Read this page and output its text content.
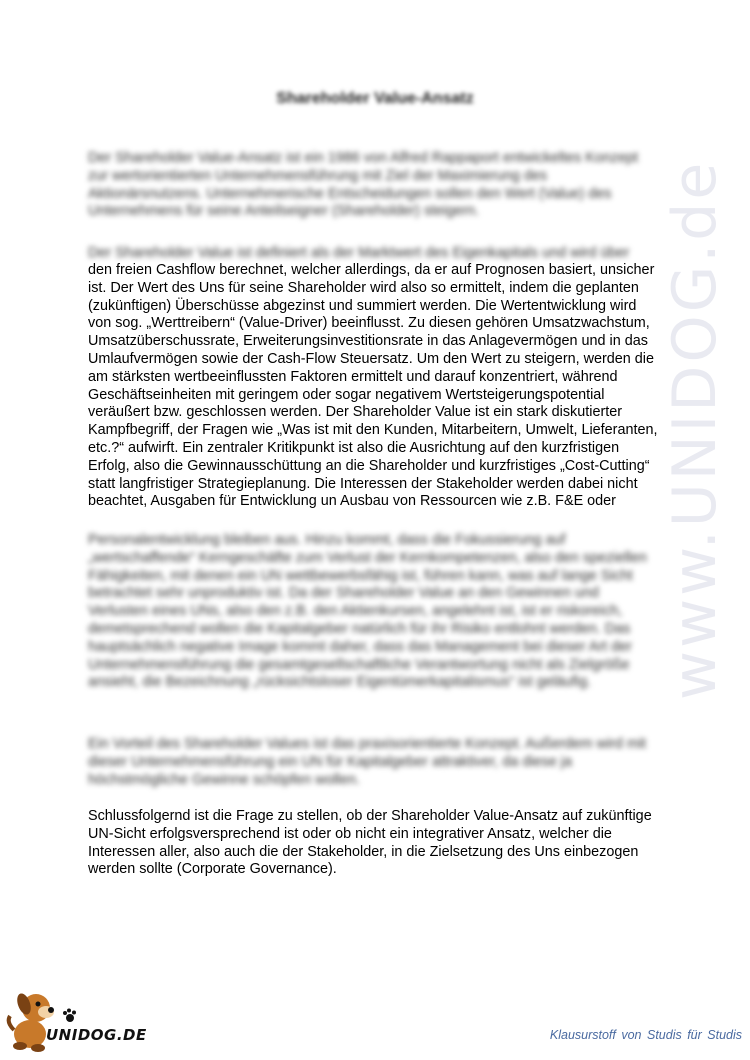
www.UNIDOG.de
Shareholder Value-Ansatz

Der Shareholder Value-Ansatz ist ein 1986 von Alfred Rappaport entwickeltes Konzept zur wertorientierten Unternehmensführung mit Ziel der Maximierung des Aktionärsnutzens. Unternehmerische Entscheidungen sollen den Wert (Value) des Unternehmens für seine Anteilseigner (Shareholder) steigern.

Der Shareholder Value ist definiert als der Marktwert des Eigenkapitals und wird über

den freien Cashflow berechnet, welcher allerdings, da er auf Prognosen basiert, unsicher ist. Der Wert des Uns für seine Shareholder wird also so ermittelt, indem die geplanten (zukünftigen) Überschüsse abgezinst und summiert werden. Die Wertentwicklung wird von sog. „Werttreibern“ (Value-Driver) beeinflusst. Zu diesen gehören Umsatzwachstum, Umsatzüberschussrate, Erweiterungsinvestitionsrate in das Anlagevermögen und in das Umlaufvermögen sowie der Cash-Flow Steuersatz. Um den Wert zu steigern, werden die am stärksten wertbeeinflussten Faktoren ermittelt und darauf konzentriert, während Geschäftseinheiten mit geringem oder sogar negativem Wertsteigerungspotential veräußert bzw. geschlossen werden. Der Shareholder Value ist ein stark diskutierter Kampfbegriff, der Fragen wie „Was ist mit den Kunden, Mitarbeitern, Umwelt, Lieferanten, etc.?“ aufwirft. Ein zentraler Kritikpunkt ist also die Ausrichtung auf den kurzfristigen Erfolg, also die Gewinnausschüttung an die Shareholder und kurzfristiges „Cost-Cutting“ statt langfristiger Strategieplanung. Die Interessen der Stakeholder werden dabei nicht beachtet, Ausgaben für Entwicklung un Ausbau von Ressourcen wie z.B. F&E oder

Personalentwicklung bleiben aus. Hinzu kommt, dass die Fokussierung auf „wertschaffende“ Kerngeschäfte zum Verlust der Kernkompetenzen, also den speziellen Fähigkeiten, mit denen ein UN wettbewerbsfähig ist, führen kann, was auf lange Sicht betrachtet sehr unproduktiv ist. Da der Shareholder Value an den Gewinnen und Verlusten eines UNs, also den z.B. den Aktienkursen, angelehnt ist, ist er riskoreich, demetsprechend wollen die Kapitalgeber natürlich für ihr Risiko entlohnt werden. Das hauptsächlich negative Image kommt daher, dass das Management bei dieser Art der Unternehmensführung die gesamtgesellschaftliche Verantwortung nicht als Zielgröße ansieht, die Bezeichnung „rücksichtsloser Eigentümerkapitalismus“ ist geläufig.

Ein Vorteil des Shareholder Values ist das praxisorientierte Konzept. Außerdem wird mit dieser Unternehmensführung ein UN für Kapitalgeber attraktiver, da diese ja höchstmögliche Gewinne schöpfen wollen.

Schlussfolgernd ist die Frage zu stellen, ob der Shareholder Value-Ansatz auf zukünftige UN-Sicht erfolgsversprechend ist oder ob nicht ein integrativer Ansatz, welcher die Interessen aller, also auch die der Stakeholder, in die Zielsetzung des Uns einbezogen werden sollte (Corporate Governance).

UNIDOG.DE	Klausurstoff von Studis für Studis
